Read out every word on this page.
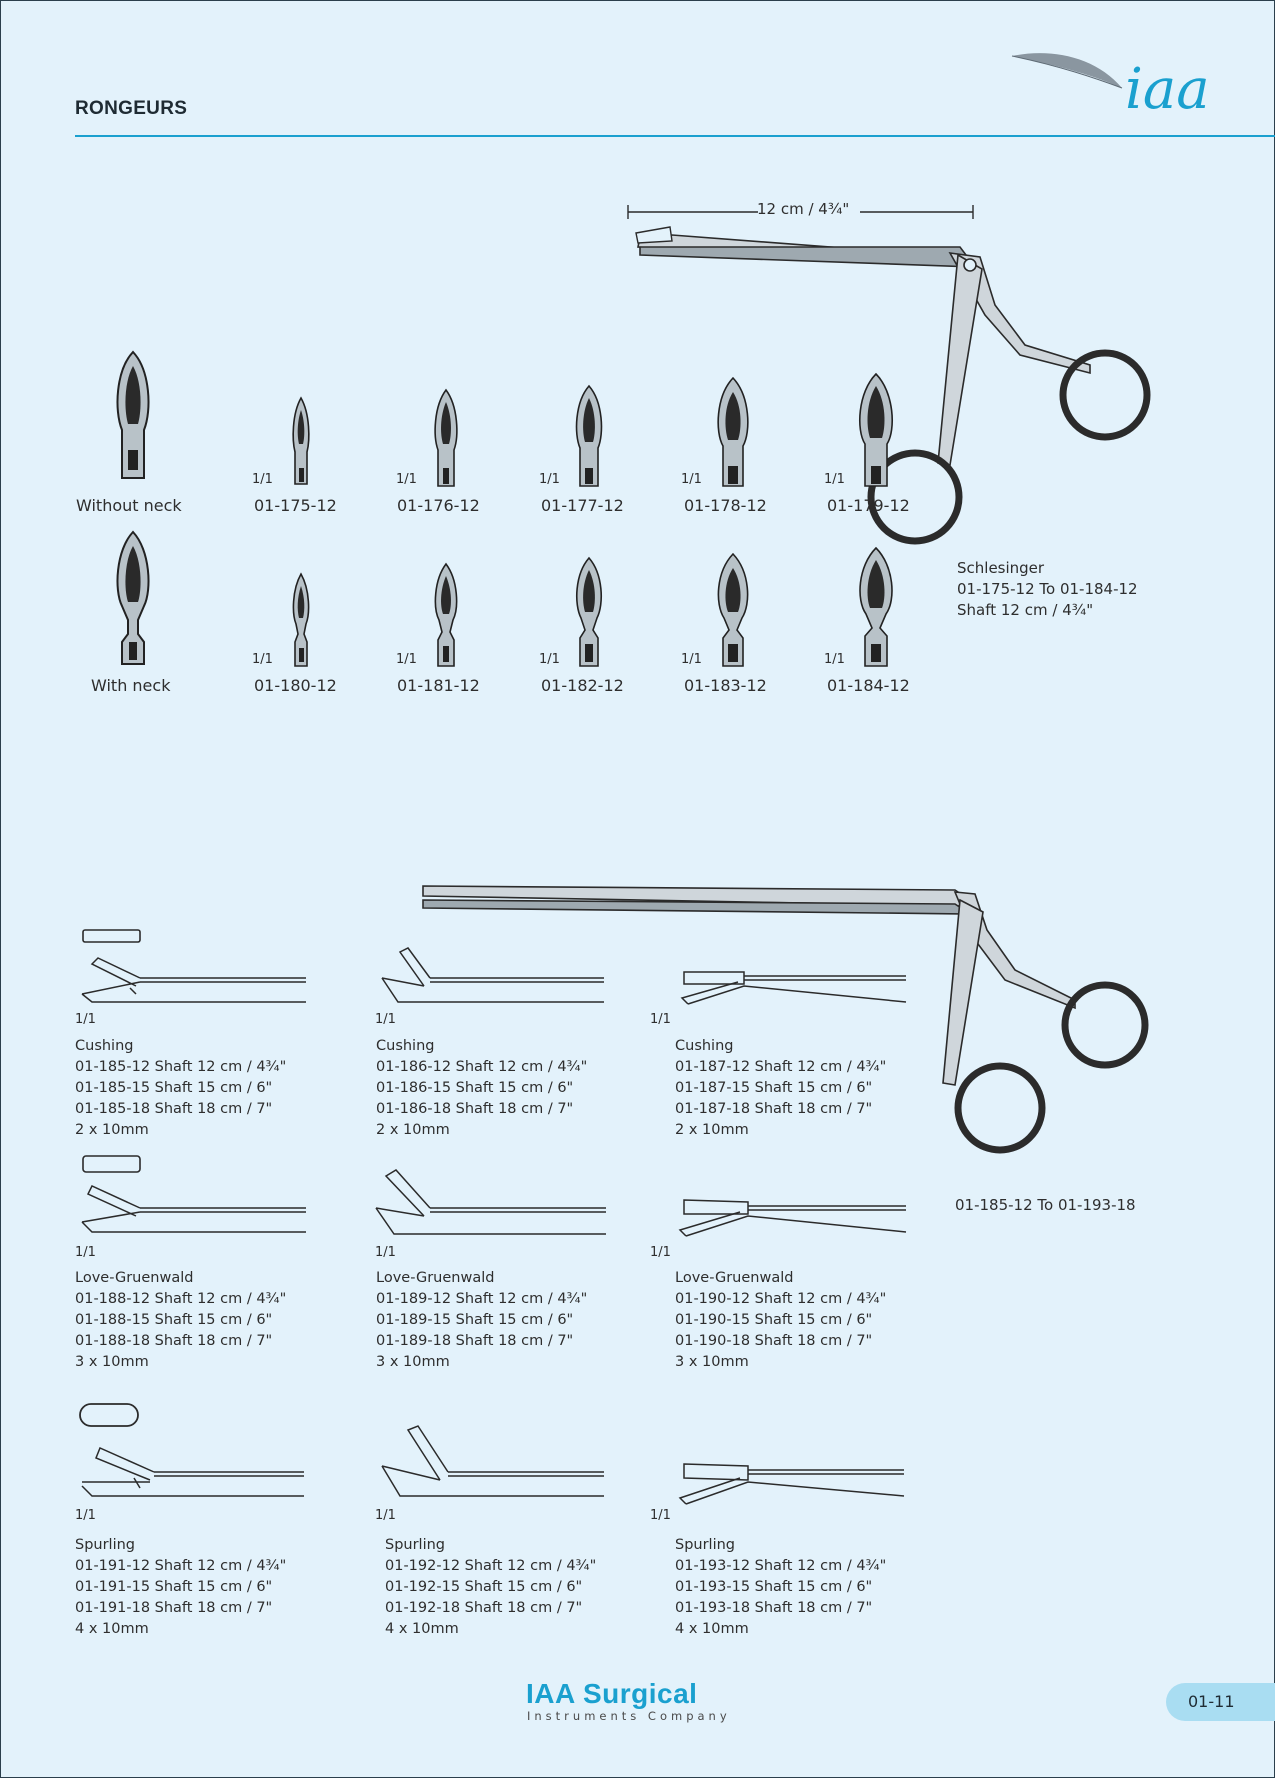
RONGEURS	iaa
12 cm / 4¾"
Without neck
1/1
01-175-12
1/1
01-176-12
1/1
01-177-12
1/1
01-178-12
1/1
01-179-12
With neck
1/1
01-180-12
1/1
01-181-12
1/1
01-182-12
1/1
01-183-12
1/1
01-184-12
Schlesinger
01-175-12 To 01-184-12
Shaft 12 cm / 4¾"
01-185-12 To 01-193-18
1/1	1/1	1/1
1/1	1/1	1/1
1/1	1/1	1/1
Cushing
01-185-12 Shaft 12 cm / 4¾"
01-185-15 Shaft 15 cm / 6"
01-185-18 Shaft 18 cm / 7"
2 x 10mm
Cushing
01-186-12 Shaft 12 cm / 4¾"
01-186-15 Shaft 15 cm / 6"
01-186-18 Shaft 18 cm / 7"
2 x 10mm
Cushing
01-187-12 Shaft 12 cm / 4¾"
01-187-15 Shaft 15 cm / 6"
01-187-18 Shaft 18 cm / 7"
2 x 10mm
Love-Gruenwald
01-188-12 Shaft 12 cm / 4¾"
01-188-15 Shaft 15 cm / 6"
01-188-18 Shaft 18 cm / 7"
3 x 10mm
Love-Gruenwald
01-189-12 Shaft 12 cm / 4¾"
01-189-15 Shaft 15 cm / 6"
01-189-18 Shaft 18 cm / 7"
3 x 10mm
Love-Gruenwald
01-190-12 Shaft 12 cm / 4¾"
01-190-15 Shaft 15 cm / 6"
01-190-18 Shaft 18 cm / 7"
3 x 10mm
Spurling
01-191-12 Shaft 12 cm / 4¾"
01-191-15 Shaft 15 cm / 6"
01-191-18 Shaft 18 cm / 7"
4 x 10mm
Spurling
01-192-12 Shaft 12 cm / 4¾"
01-192-15 Shaft 15 cm / 6"
01-192-18 Shaft 18 cm / 7"
4 x 10mm
Spurling
01-193-12 Shaft 12 cm / 4¾"
01-193-15 Shaft 15 cm / 6"
01-193-18 Shaft 18 cm / 7"
4 x 10mm
IAA Surgical
Instruments Company
01-11
